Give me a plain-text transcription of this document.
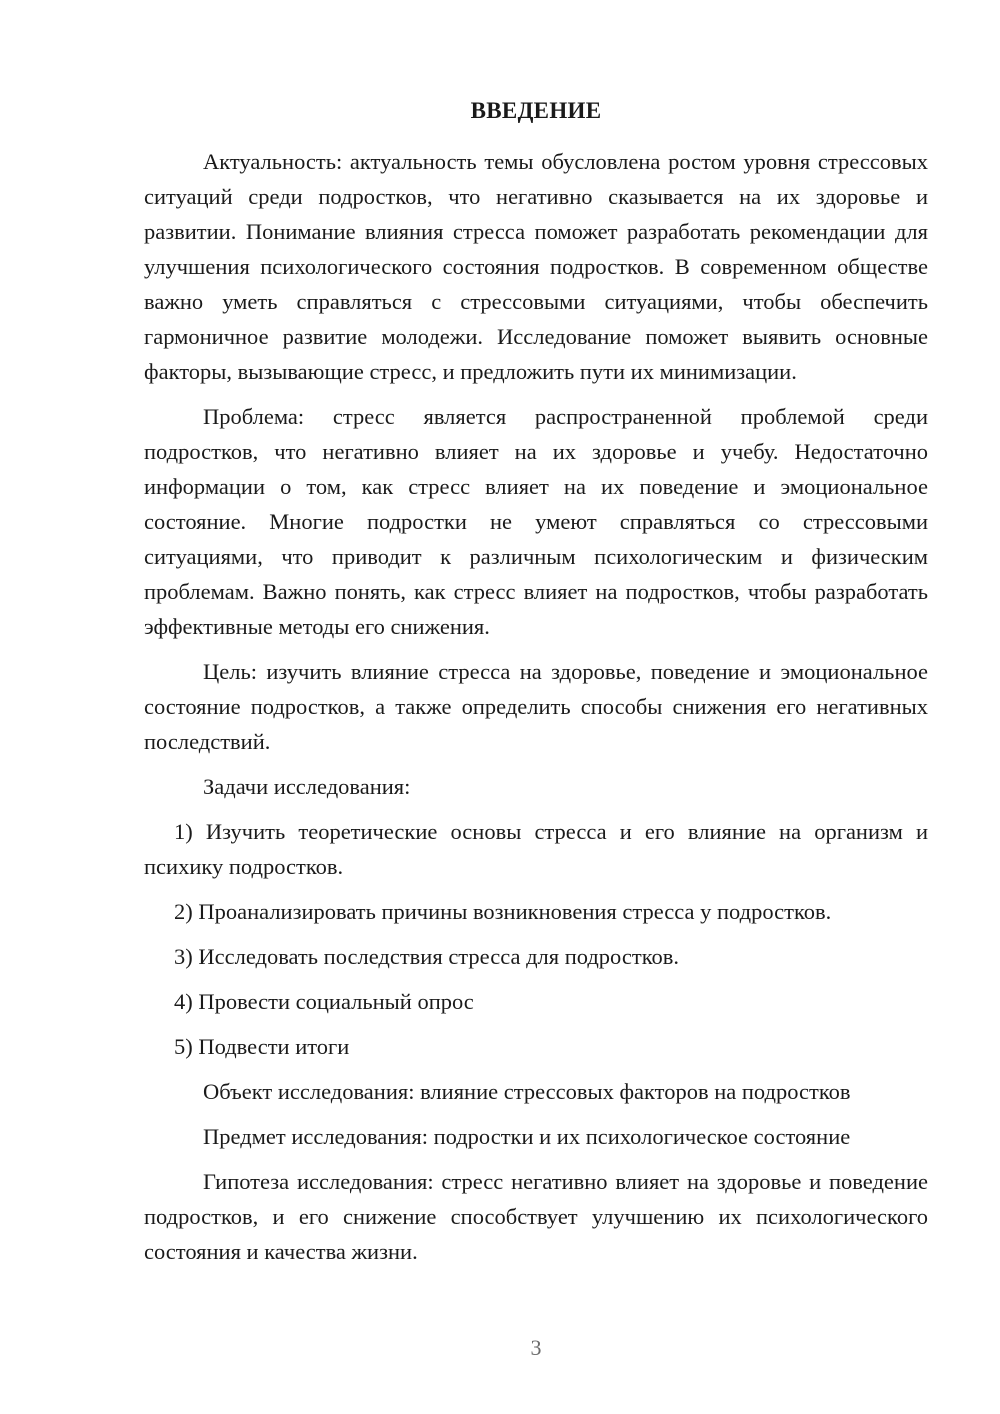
ВВЕДЕНИЕ

Актуальность: актуальность темы обусловлена ростом уровня стрессовых ситуаций среди подростков, что негативно сказывается на их здоровье и развитии. Понимание влияния стресса поможет разработать рекомендации для улучшения психологического состояния подростков. В современном обществе важно уметь справляться с стрессовыми ситуациями, чтобы обеспечить гармоничное развитие молодежи. Исследование поможет выявить основные факторы, вызывающие стресс, и предложить пути их минимизации.

Проблема: стресс является распространенной проблемой среди подростков, что негативно влияет на их здоровье и учебу. Недостаточно информации о том, как стресс влияет на их поведение и эмоциональное состояние. Многие подростки не умеют справляться со стрессовыми ситуациями, что приводит к различным психологическим и физическим проблемам. Важно понять, как стресс влияет на подростков, чтобы разработать эффективные методы его снижения.

Цель: изучить влияние стресса на здоровье, поведение и эмоциональное состояние подростков, а также определить способы снижения его негативных последствий.

Задачи исследования:

1) Изучить теоретические основы стресса и его влияние на организм и психику подростков.

2) Проанализировать причины возникновения стресса у подростков.

3) Исследовать последствия стресса для подростков.

4) Провести социальный опрос

5) Подвести итоги

Объект исследования: влияние стрессовых факторов на подростков

Предмет исследования: подростки и их психологическое состояние

Гипотеза исследования: стресс негативно влияет на здоровье и поведение подростков, и его снижение способствует улучшению их психологического состояния и качества жизни.

3
